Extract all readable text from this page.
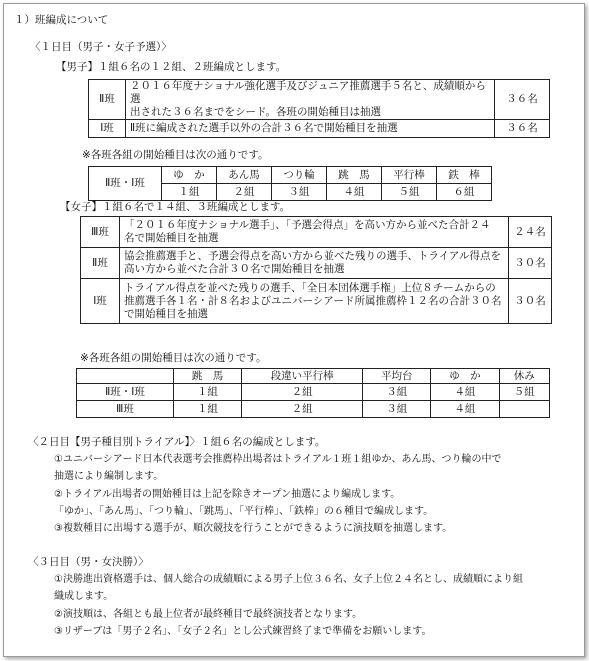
１）班編成について
〈１日目（男子・女子予選）〉
【男子】１組６名の１２組、２班編成とします。
Ⅱ班	２０１６年度ナショナル強化選手及びジュニア推薦選手５名と、成績順から選
出された３６名までをシード。各班の開始種目は抽選	３６名
Ⅰ班	Ⅱ班に編成された選手以外の合計３６名で開始種目を抽選	３６名
※各班各組の開始種目は次の通りです。
Ⅱ班・Ⅰ班	ゆ　か	あん馬	つり輪	跳　馬	平行棒	鉄　棒
	１組	２組	３組	４組	５組	６組
【女子】１組６名で１４組、３班編成とします。
Ⅲ班	「２０１６年度ナショナル選手」、「予選会得点」を高い方から並べた合計２４
名で開始種目を抽選	２４名
Ⅱ班	協会推薦選手と、予選会得点を高い方から並べた残りの選手、トライアル得点を
高い方から並べた合計３０名で開始種目を抽選	３０名
Ⅰ班	トライアル得点を並べた残りの選手、「全日本団体選手権」上位８チームからの
推薦選手各１名・計８名およびユニバーシアード所属推薦枠１２名の合計３０名
で開始種目を抽選	３０名
※各班各組の開始種目は次の通りです。
	跳　馬	段違い平行棒	平均台	ゆ　か	休み
Ⅱ班・Ⅰ班	１組	２組	３組	４組	５組
Ⅲ班	１組	２組	３組	４組	
〈２日目【男子種目別トライアル】〉１組６名の編成とします。
①ユニバーシアード日本代表選考会推薦枠出場者はトライアル１班１組ゆか、あん馬、つり輪の中で
抽選により編制します。
②トライアル出場者の開始種目は上記を除きオープン抽選により編成します。
「ゆか」、「あん馬」、「つり輪」、「跳馬」、「平行棒」、「鉄棒」の６種目で編成します。
③複数種目に出場する選手が、順次競技を行うことができるように演技順を抽選します。
〈３日目（男・女決勝）〉
①決勝進出資格選手は、個人総合の成績順による男子上位３６名、女子上位２４名とし、成績順により組
織成します。
②演技順は、各組とも最上位者が最終種目で最終演技者となります。
③リザーブは「男子２名」、「女子２名」とし公式練習終了まで準備をお願いします。
